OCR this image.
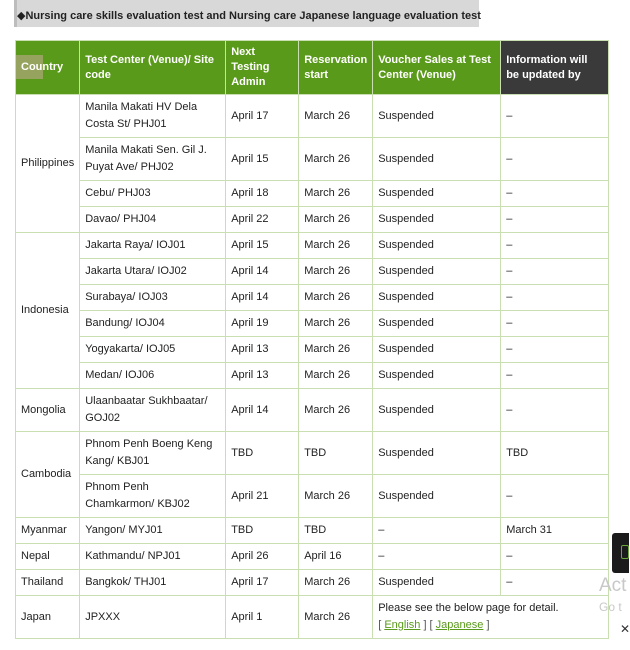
◆Nursing care skills evaluation test and Nursing care Japanese language evaluation test
Country	Test Center (Venue)/ Site code	Next Testing Admin	Reservation start	Voucher Sales at Test Center (Venue)	Information will be updated by
Philippines	Manila Makati HV Dela Costa St/ PHJ01	April 17	March 26	Suspended	–
	Manila Makati Sen. Gil J. Puyat Ave/ PHJ02	April 15	March 26	Suspended	–
	Cebu/ PHJ03	April 18	March 26	Suspended	–
	Davao/ PHJ04	April 22	March 26	Suspended	–
Indonesia	Jakarta Raya/ IOJ01	April 15	March 26	Suspended	–
	Jakarta Utara/ IOJ02	April 14	March 26	Suspended	–
	Surabaya/ IOJ03	April 14	March 26	Suspended	–
	Bandung/ IOJ04	April 19	March 26	Suspended	–
	Yogyakarta/ IOJ05	April 13	March 26	Suspended	–
	Medan/ IOJ06	April 13	March 26	Suspended	–
Mongolia	Ulaanbaatar Sukhbaatar/ GOJ02	April 14	March 26	Suspended	–
Cambodia	Phnom Penh Boeng Keng Kang/ KBJ01	TBD	TBD	Suspended	TBD
	Phnom Penh Chamkarmon/ KBJ02	April 21	March 26	Suspended	–
Myanmar	Yangon/ MYJ01	TBD	TBD	–	March 31
Nepal	Kathmandu/ NPJ01	April 26	April 16	–	–
Thailand	Bangkok/ THJ01	April 17	March 26	Suspended	–
Japan	JPXXX	April 1	March 26	Please see the below page for detail.
[ English ] [ Japanese ]	
Act
Go t
✕
